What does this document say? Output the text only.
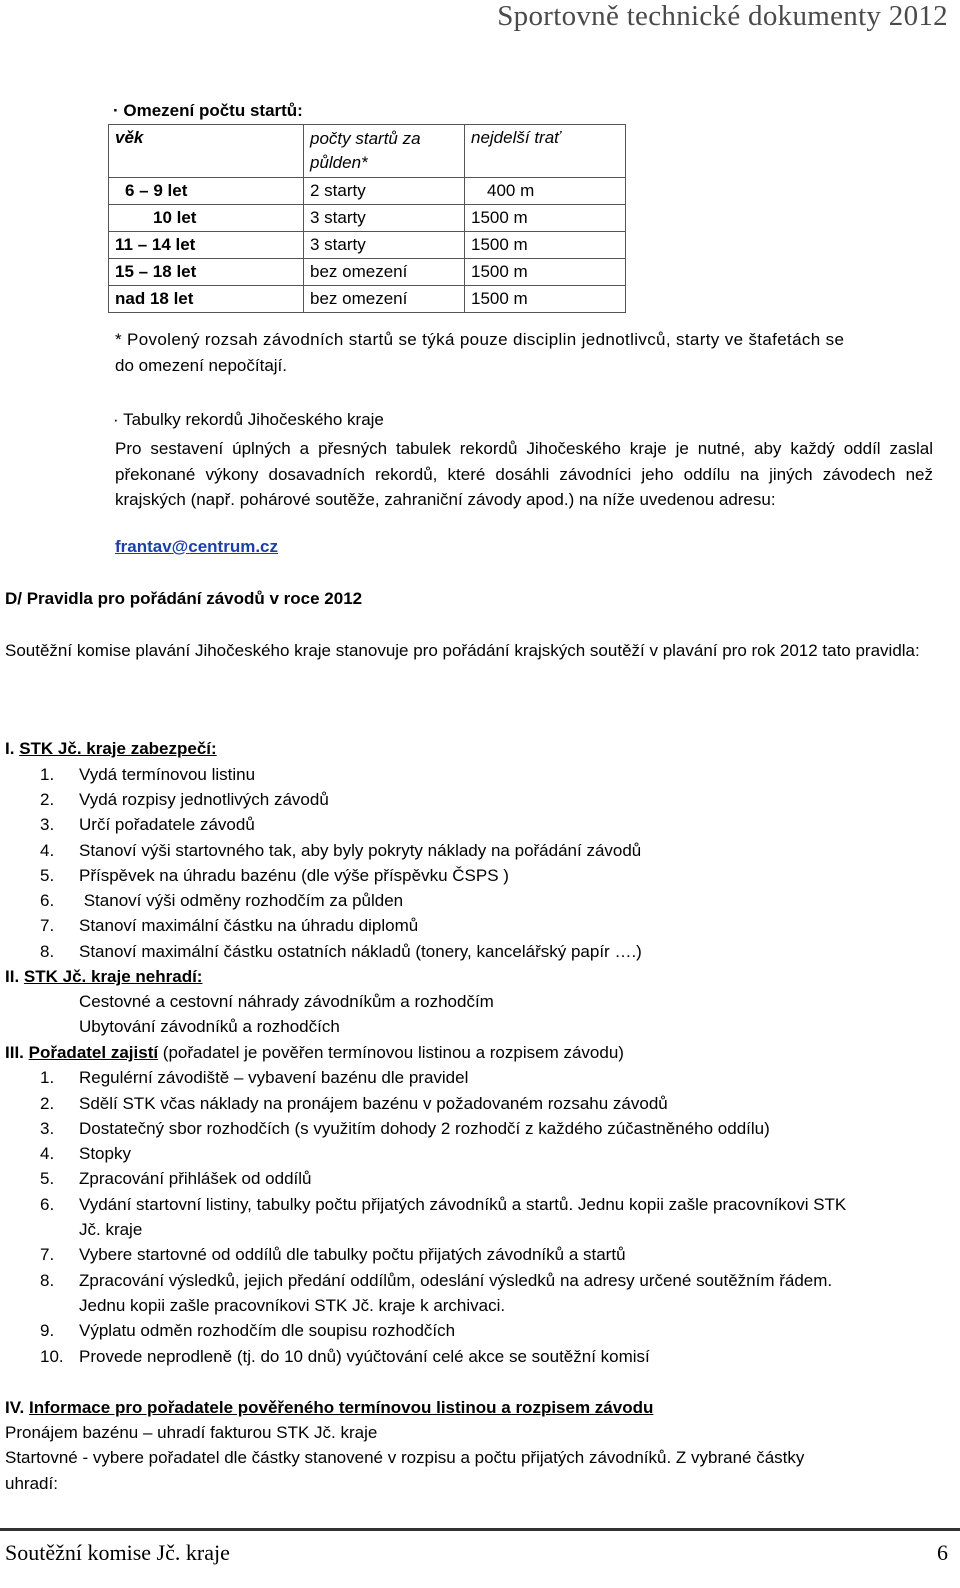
Sportovně technické dokumenty 2012
· Omezení počtu startů:
věk	počty startů za půlden*	nejdelší trať
6 – 9 let	2 starty	400 m
10 let	3 starty	1500 m
11 – 14 let	3 starty	1500 m
15 – 18 let	bez omezení	1500 m
nad 18 let	bez omezení	1500 m
* Povolený rozsah závodních startů se týká pouze disciplin jednotlivců, starty ve štafetách se
do omezení nepočítají.
· Tabulky rekordů Jihočeského kraje
Pro sestavení úplných a přesných tabulek rekordů Jihočeského kraje je nutné, aby každý oddíl zaslal překonané výkony dosavadních rekordů, které dosáhli závodníci jeho oddílu na jiných závodech než krajských (např. pohárové soutěže, zahraniční závody apod.) na níže uvedenou adresu:
frantav@centrum.cz
D/ Pravidla pro pořádání závodů v roce 2012
Soutěžní komise plavání Jihočeského kraje stanovuje pro pořádání krajských soutěží v plavání pro rok 2012 tato pravidla:
I. STK Jč. kraje zabezpečí:
1. Vydá termínovou listinu
2. Vydá rozpisy jednotlivých závodů
3. Určí pořadatele závodů
4. Stanoví výši startovného tak, aby byly pokryty náklady na pořádání závodů
5. Příspěvek na úhradu bazénu (dle výše příspěvku ČSPS )
6. Stanoví výši odměny rozhodčím za půlden
7. Stanoví maximální částku na úhradu diplomů
8. Stanoví maximální částku ostatních nákladů (tonery, kancelářský papír ….)
II. STK Jč. kraje nehradí:
Cestovné a cestovní náhrady závodníkům a rozhodčím
Ubytování závodníků a rozhodčích
III. Pořadatel zajistí (pořadatel je pověřen termínovou listinou a rozpisem závodu)
1. Regulérní závodiště – vybavení bazénu dle pravidel
2. Sdělí STK včas náklady na pronájem bazénu v požadovaném rozsahu závodů
3. Dostatečný sbor rozhodčích (s využitím dohody 2 rozhodčí z každého zúčastněného oddílu)
4. Stopky
5. Zpracování přihlášek od oddílů
6. Vydání startovní listiny, tabulky počtu přijatých závodníků a startů. Jednu kopii zašle pracovníkovi STK
Jč. kraje
7. Vybere startovné od oddílů dle tabulky počtu přijatých závodníků a startů
8. Zpracování výsledků, jejich předání oddílům, odeslání výsledků na adresy určené soutěžním řádem.
Jednu kopii zašle pracovníkovi STK Jč. kraje k archivaci.
9. Výplatu odměn rozhodčím dle soupisu rozhodčích
10. Provede neprodleně (tj. do 10 dnů) vyúčtování celé akce se soutěžní komisí
IV. Informace pro pořadatele pověřeného termínovou listinou a rozpisem závodu
Pronájem bazénu – uhradí fakturou STK Jč. kraje
Startovné - vybere pořadatel dle částky stanovené v rozpisu a počtu přijatých závodníků. Z vybrané částky
uhradí:
Soutěžní komise Jč. kraje	6
